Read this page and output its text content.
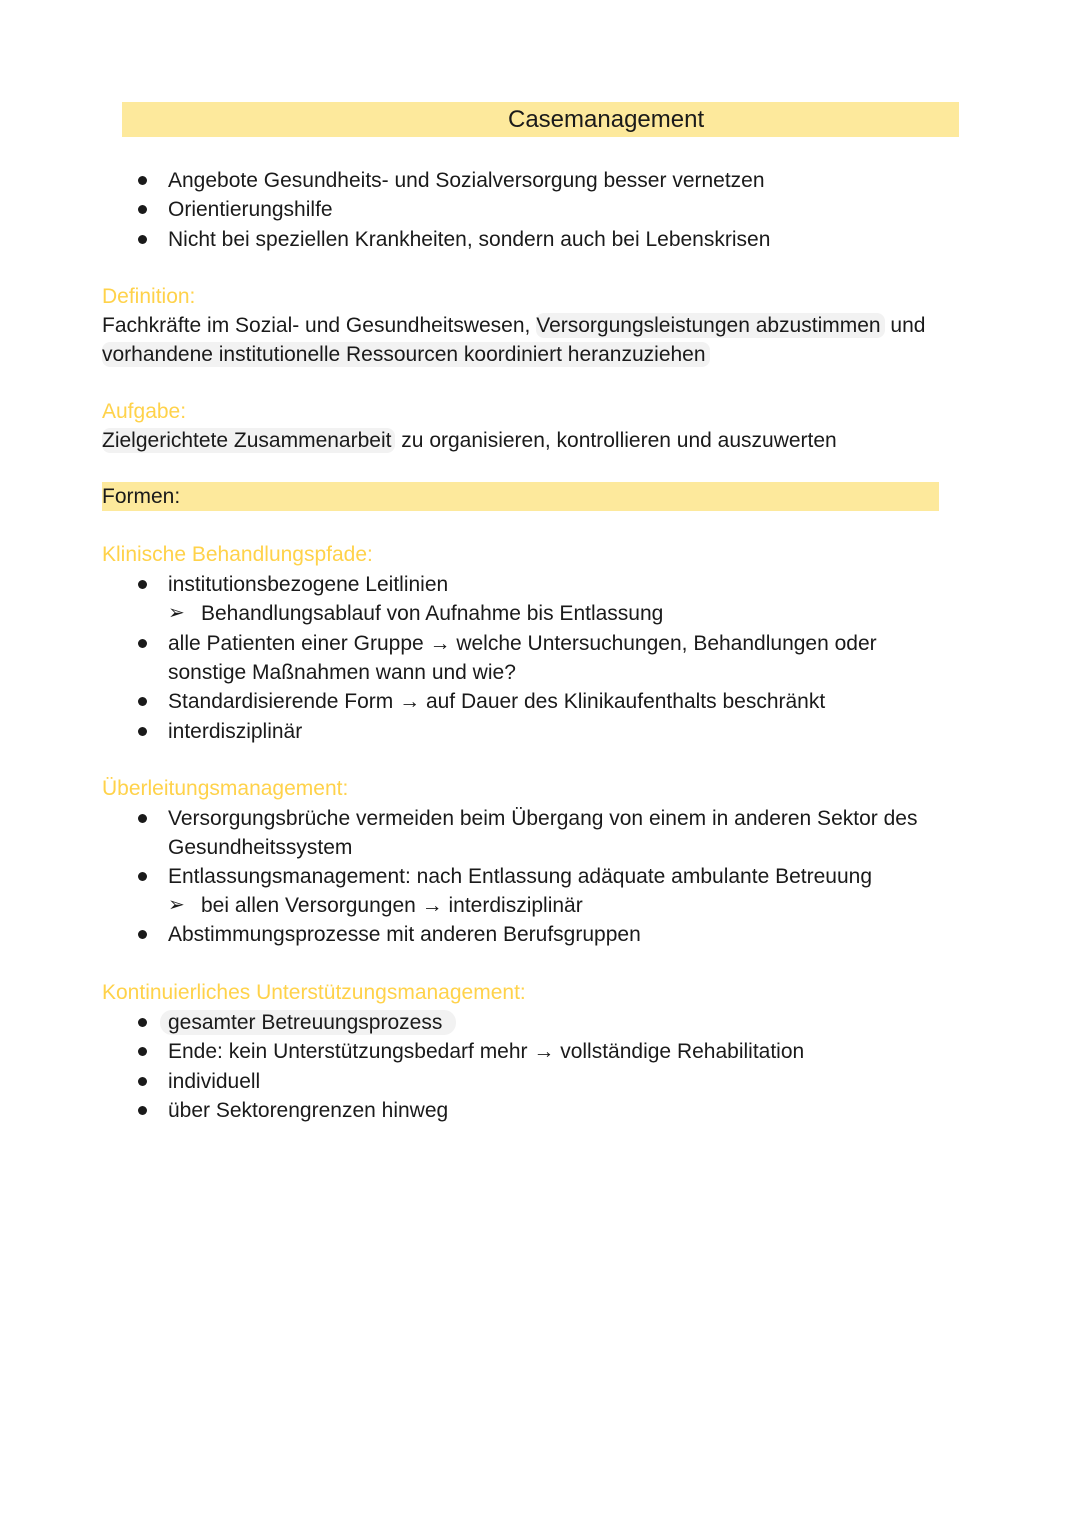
Casemanagement
Angebote Gesundheits- und Sozialversorgung besser vernetzen
Orientierungshilfe
Nicht bei speziellen Krankheiten, sondern auch bei Lebenskrisen
Definition:
Fachkräfte im Sozial- und Gesundheitswesen, Versorgungsleistungen abzustimmen und
vorhandene institutionelle Ressourcen koordiniert heranzuziehen
Aufgabe:
Zielgerichtete Zusammenarbeit zu organisieren, kontrollieren und auszuwerten
Formen:
Klinische Behandlungspfade:
institutionsbezogene Leitlinien
➢ Behandlungsablauf von Aufnahme bis Entlassung
alle Patienten einer Gruppe → welche Untersuchungen, Behandlungen oder
sonstige Maßnahmen wann und wie?
Standardisierende Form → auf Dauer des Klinikaufenthalts beschränkt
interdisziplinär
Überleitungsmanagement:
Versorgungsbrüche vermeiden beim Übergang von einem in anderen Sektor des
Gesundheitssystem
Entlassungsmanagement: nach Entlassung adäquate ambulante Betreuung
➢ bei allen Versorgungen → interdisziplinär
Abstimmungsprozesse mit anderen Berufsgruppen
Kontinuierliches Unterstützungsmanagement:
gesamter Betreuungsprozess
Ende: kein Unterstützungsbedarf mehr → vollständige Rehabilitation
individuell
über Sektorengrenzen hinweg
